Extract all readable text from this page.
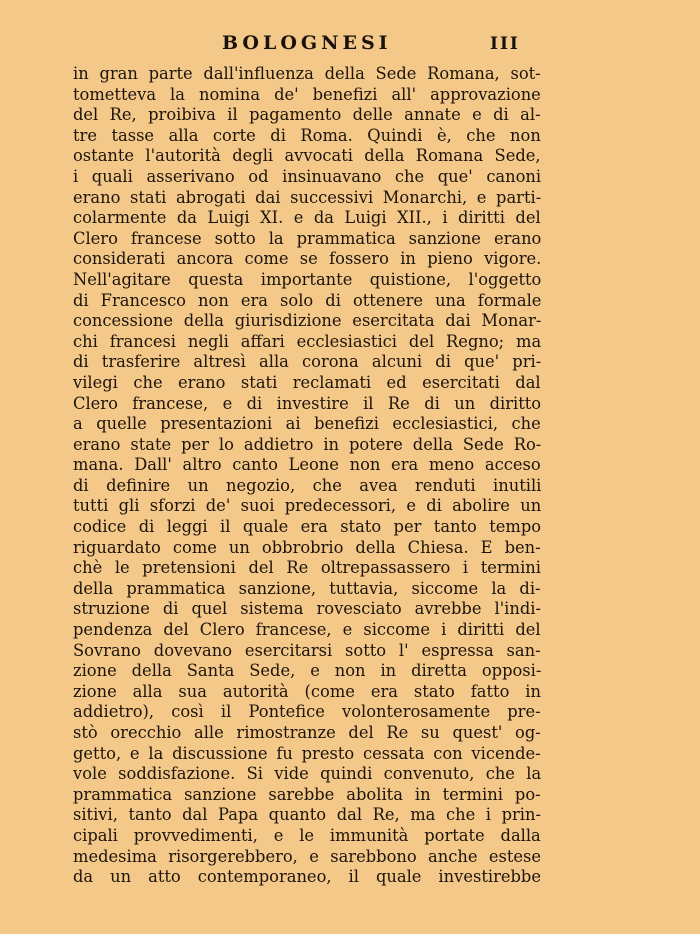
BOLOGNESI	III
in gran parte dall'influenza della Sede Romana, sot-
tometteva la nomina de' benefizi all' approvazione
del Re, proibiva il pagamento delle annate e di al-
tre tasse alla corte di Roma. Quindi è, che non
ostante l'autorità degli avvocati della Romana Sede,
i quali asserivano od insinuavano che que' canoni
erano stati abrogati dai successivi Monarchi, e parti-
colarmente da Luigi XI. e da Luigi XII., i diritti del
Clero francese sotto la prammatica sanzione erano
considerati ancora come se fossero in pieno vigore.
Nell'agitare questa importante quistione, l'oggetto
di Francesco non era solo di ottenere una formale
concessione della giurisdizione esercitata dai Monar-
chi francesi negli affari ecclesiastici del Regno; ma
di trasferire altresì alla corona alcuni di que' pri-
vilegi che erano stati reclamati ed esercitati dal
Clero francese, e di investire il Re di un diritto
a quelle presentazioni ai benefizi ecclesiastici, che
erano state per lo addietro in potere della Sede Ro-
mana. Dall' altro canto Leone non era meno acceso
di definire un negozio, che avea renduti inutili
tutti gli sforzi de' suoi predecessori, e di abolire un
codice di leggi il quale era stato per tanto tempo
riguardato come un obbrobrio della Chiesa. E ben-
chè le pretensioni del Re oltrepassassero i termini
della prammatica sanzione, tuttavia, siccome la di-
struzione di quel sistema rovesciato avrebbe l'indi-
pendenza del Clero francese, e siccome i diritti del
Sovrano dovevano esercitarsi sotto l' espressa san-
zione della Santa Sede, e non in diretta opposi-
zione alla sua autorità (come era stato fatto in
addietro), così il Pontefice volonterosamente pre-
stò orecchio alle rimostranze del Re su quest' og-
getto, e la discussione fu presto cessata con vicende-
vole soddisfazione. Si vide quindi convenuto, che la
prammatica sanzione sarebbe abolita in termini po-
sitivi, tanto dal Papa quanto dal Re, ma che i prin-
cipali provvedimenti, e le immunità portate dalla
medesima risorgerebbero, e sarebbono anche estese
da un atto contemporaneo, il quale investirebbe
